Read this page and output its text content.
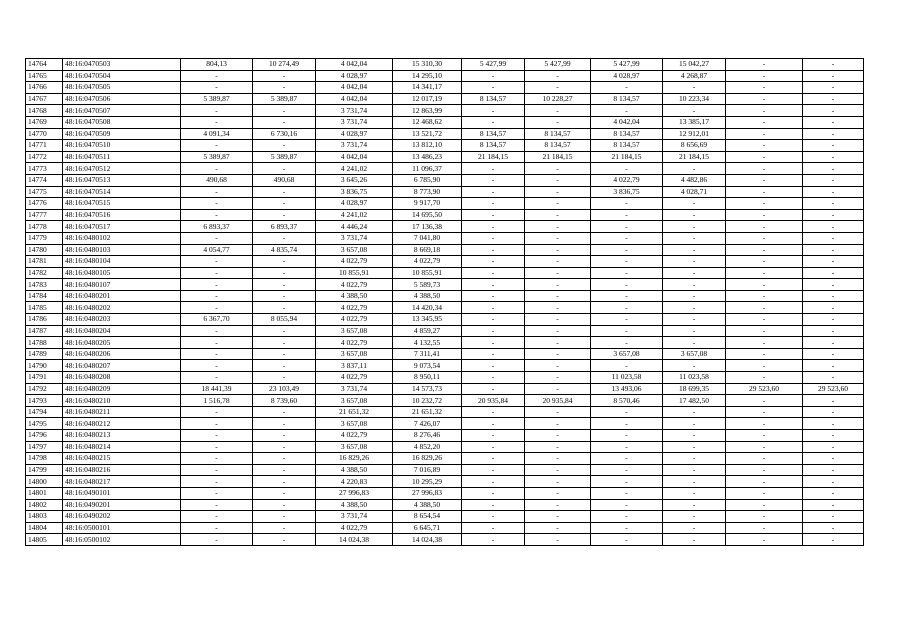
14764	48:16:0470503	804,13	10 274,49	4 042,04	15 310,30	5 427,99	5 427,99	5 427,99	15 042,27	-	-
14765	48:16:0470504	-	-	4 028,97	14 295,10	-	-	4 028,97	4 268,87	-	-
14766	48:16:0470505	-	-	4 042,04	14 341,17	-	-	-	-	-	-
14767	48:16:0470506	5 389,87	5 389,87	4 042,04	12 017,19	8 134,57	10 228,27	8 134,57	10 223,34	-	-
14768	48:16:0470507	-	-	3 731,74	12 863,99	-	-	-	-	-	-
14769	48:16:0470508	-	-	3 731,74	12 468,62	-	-	4 042,04	13 385,17	-	-
14770	48:16:0470509	4 091,34	6 730,16	4 028,97	13 521,72	8 134,57	8 134,57	8 134,57	12 912,01	-	-
14771	48:16:0470510	-	-	3 731,74	13 812,10	8 134,57	8 134,57	8 134,57	8 656,69	-	-
14772	48:16:0470511	5 389,87	5 389,87	4 042,04	13 486,23	21 184,15	21 184,15	21 184,15	21 184,15	-	-
14773	48:16:0470512	-	-	4 241,02	11 096,37	-	-	-	-	-	-
14774	48:16:0470513	490,68	490,68	3 645,26	6 785,90	-	-	4 022,79	4 482,86	-	-
14775	48:16:0470514	-	-	3 836,75	8 773,90	-	-	3 836,75	4 028,71	-	-
14776	48:16:0470515	-	-	4 028,97	9 917,70	-	-	-	-	-	-
14777	48:16:0470516	-	-	4 241,02	14 695,50	-	-	-	-	-	-
14778	48:16:0470517	6 893,37	6 893,37	4 446,24	17 136,38	-	-	-	-	-	-
14779	48:16:0480102	-	-	3 731,74	7 041,80	-	-	-	-	-	-
14780	48:16:0480103	4 054,77	4 835,74	3 657,08	8 669,18	-	-	-	-	-	-
14781	48:16:0480104	-	-	4 022,79	4 022,79	-	-	-	-	-	-
14782	48:16:0480105	-	-	10 855,91	10 855,91	-	-	-	-	-	-
14783	48:16:0480107	-	-	4 022,79	5 589,73	-	-	-	-	-	-
14784	48:16:0480201	-	-	4 388,50	4 388,50	-	-	-	-	-	-
14785	48:16:0480202	-	-	4 022,79	14 420,34	-	-	-	-	-	-
14786	48:16:0480203	6 367,70	8 055,94	4 022,79	13 345,95	-	-	-	-	-	-
14787	48:16:0480204	-	-	3 657,08	4 859,27	-	-	-	-	-	-
14788	48:16:0480205	-	-	4 022,79	4 132,55	-	-	-	-	-	-
14789	48:16:0480206	-	-	3 657,08	7 311,41	-	-	3 657,08	3 657,08	-	-
14790	48:16:0480207	-	-	3 837,11	9 073,54	-	-	-	-	-	-
14791	48:16:0480208	-	-	4 022,79	8 950,11	-	-	11 023,58	11 023,58	-	-
14792	48:16:0480209	18 441,39	23 103,49	3 731,74	14 573,73	-	-	13 493,06	18 699,35	29 523,60	29 523,60
14793	48:16:0480210	1 516,78	8 739,60	3 657,08	10 232,72	20 935,84	20 935,84	8 570,46	17 482,50	-	-
14794	48:16:0480211	-	-	21 651,32	21 651,32	-	-	-	-	-	-
14795	48:16:0480212	-	-	3 657,08	7 426,07	-	-	-	-	-	-
14796	48:16:0480213	-	-	4 022,79	8 276,46	-	-	-	-	-	-
14797	48:16:0480214	-	-	3 657,08	4 852,20	-	-	-	-	-	-
14798	48:16:0480215	-	-	16 829,26	16 829,26	-	-	-	-	-	-
14799	48:16:0480216	-	-	4 388,50	7 016,89	-	-	-	-	-	-
14800	48:16:0480217	-	-	4 220,83	10 295,29	-	-	-	-	-	-
14801	48:16:0490101	-	-	27 996,83	27 996,83	-	-	-	-	-	-
14802	48:16:0490201	-	-	4 388,50	4 388,50	-	-	-	-	-	-
14803	48:16:0490202	-	-	3 731,74	8 654,54	-	-	-	-	-	-
14804	48:16:0500101	-	-	4 022,79	6 645,71	-	-	-	-	-	-
14805	48:16:0500102	-	-	14 024,38	14 024,38	-	-	-	-	-	-
